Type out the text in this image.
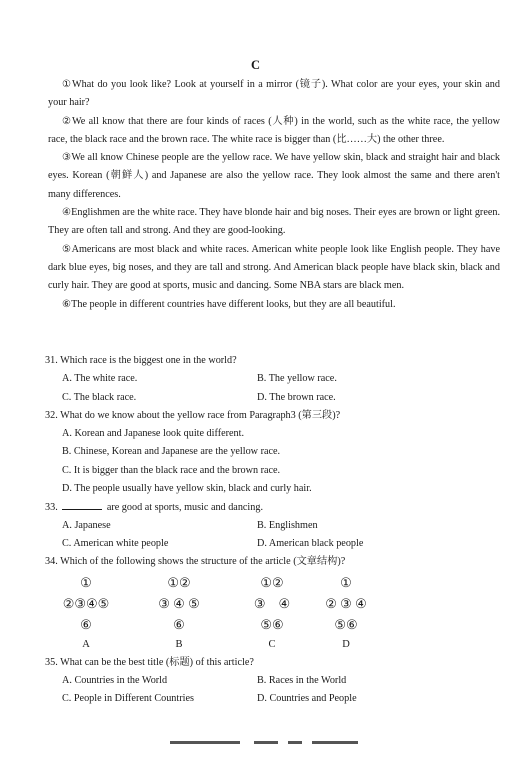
C

①What do you look like? Look at yourself in a mirror (镜子). What color are your eyes, your skin and your hair?

②We all know that there are four kinds of races (人种) in the world, such as the white race, the yellow race, the black race and the brown race. The white race is bigger than (比……大) the other three.

③We all know Chinese people are the yellow race. We have yellow skin, black and straight hair and black eyes. Korean (朝鲜人) and Japanese are also the yellow race. They look almost the same and there aren't many differences.

④Englishmen are the white race. They have blonde hair and big noses. Their eyes are brown or light green. They are often tall and strong. And they are good-looking.

⑤Americans are most black and white races. American white people look like English people. They have dark blue eyes, big noses, and they are tall and strong. And American black people have black skin, black and curly hair. They are good at sports, music and dancing. Some NBA stars are black men.

⑥The people in different countries have different looks, but they are all beautiful.

31. Which race is the biggest one in the world?
A. The white race.	B. The yellow race.
C. The black race.	D. The brown race.
32. What do we know about the yellow race from Paragraph3 (第三段)?
A. Korean and Japanese look quite different.
B. Chinese, Korean and Japanese are the yellow race.
C. It is bigger than the black race and the brown race.
D. The people usually have yellow skin, black and curly hair.
33.	are good at sports, music and dancing.
A. Japanese	B. Englishmen
C. American white people	D. American black people
34. Which of the following shows the structure of the article (文章结构)?
①
②③④⑤
⑥
A
①②
③ ④ ⑤
⑥
B
①②
③    ④
⑤⑥
C
①
② ③ ④
⑤⑥
D
35. What can be the best title (标题) of this article?
A. Countries in the World	B. Races in the World
C. People in Different Countries	D. Countries and People
